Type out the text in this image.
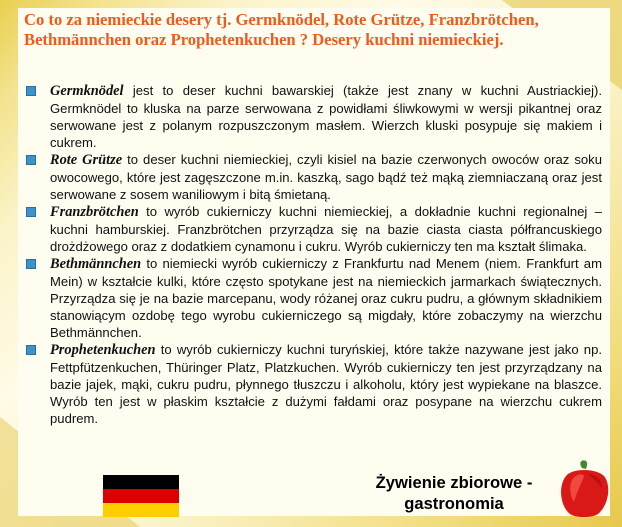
Co to za niemieckie desery tj. Germknödel, Rote Grütze, Franzbrötchen, Bethmännchen oraz Prophetenkuchen ? Desery kuchni niemieckiej.
Germknödel jest to deser kuchni bawarskiej (także jest znany w kuchni Austriackiej). Germknödel to kluska na parze serwowana z powidłami śliwkowymi w wersji pikantnej oraz serwowane jest z polanym rozpuszczonym masłem. Wierzch kluski posypuje się makiem i cukrem.
Rote Grütze to deser kuchni niemieckiej, czyli kisiel na bazie czerwonych owoców oraz soku owocowego, które jest zagęszczone m.in. kaszką, sago bądź też mąką ziemniaczaną oraz jest serwowane z sosem waniliowym i bitą śmietaną.
Franzbrötchen to wyrób cukierniczy kuchni niemieckiej, a dokładnie kuchni regionalnej – kuchni hamburskiej. Franzbrötchen przyrządza się na bazie ciasta ciasta półfrancuskiego drożdżowego oraz z dodatkiem cynamonu i cukru. Wyrób cukierniczy ten ma kształt ślimaka.
Bethmännchen to niemiecki wyrób cukierniczy z Frankfurtu nad Menem (niem. Frankfurt am Mein) w kształcie kulki, które często spotykane jest na niemieckich jarmarkach świątecznych. Przyrządza się je na bazie marcepanu, wody różanej oraz cukru pudru, a głównym składnikiem stanowiącym ozdobę tego wyrobu cukierniczego są migdały, które zobaczymy na wierzchu Bethmännchen.
Prophetenkuchen to wyrób cukierniczy kuchni turyńskiej, które także nazywane jest jako np. Fettpfützenkuchen, Thüringer Platz, Platzkuchen. Wyrób cukierniczy ten jest przyrządzany na bazie jajek, mąki, cukru pudru, płynnego tłuszczu i alkoholu, który jest wypiekane na blaszce. Wyrób ten jest w płaskim kształcie z dużymi fałdami oraz posypane na wierzchu cukrem pudrem.
Żywienie zbiorowe -
gastronomia
